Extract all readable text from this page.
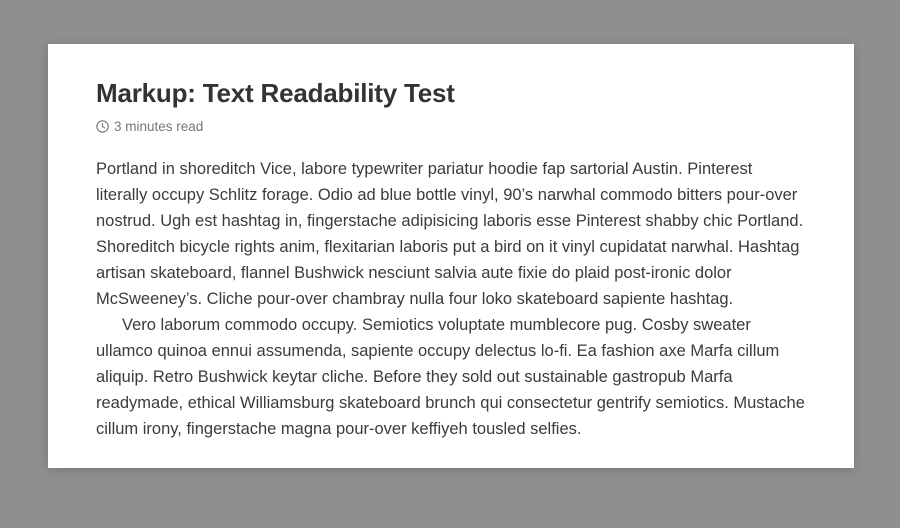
Markup: Text Readability Test
3 minutes read

Portland in shoreditch Vice, labore typewriter pariatur hoodie fap sartorial Austin. Pinterest literally occupy Schlitz forage. Odio ad blue bottle vinyl, 90’s narwhal commodo bitters pour-over nostrud. Ugh est hashtag in, fingerstache adipisicing laboris esse Pinterest shabby chic Portland. Shoreditch bicycle rights anim, flexitarian laboris put a bird on it vinyl cupidatat narwhal. Hashtag artisan skateboard, flannel Bushwick nesciunt salvia aute fixie do plaid post-ironic dolor McSweeney’s. Cliche pour-over chambray nulla four loko skateboard sapiente hashtag.

Vero laborum commodo occupy. Semiotics voluptate mumblecore pug. Cosby sweater ullamco quinoa ennui assumenda, sapiente occupy delectus lo-fi. Ea fashion axe Marfa cillum aliquip. Retro Bushwick keytar cliche. Before they sold out sustainable gastropub Marfa readymade, ethical Williamsburg skateboard brunch qui consectetur gentrify semiotics. Mustache cillum irony, fingerstache magna pour-over keffiyeh tousled selfies.
